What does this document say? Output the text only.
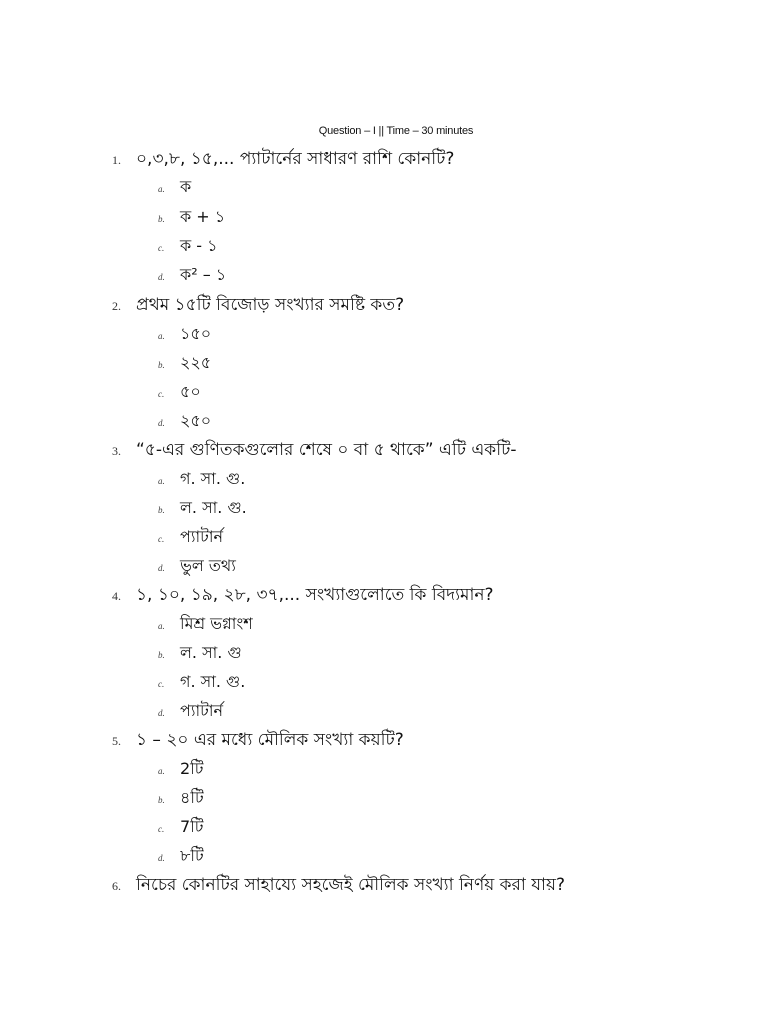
Question – I || Time – 30 minutes
1. ০,৩,৮, ১৫,... প্যাটার্নের সাধারণ রাশি কোনটি?
a. ক
b. ক + ১
c. ক - ১
d. ক² – ১
2. প্রথম ১৫টি বিজোড় সংখ্যার সমষ্টি কত?
a. ১৫০
b. ২২৫
c. ৫০
d. ২৫০
3. “৫-এর গুণিতকগুলোর শেষে ০ বা ৫ থাকে” এটি একটি-
a. গ. সা. গু.
b. ল. সা. গু.
c. প্যাটার্ন
d. ভুল তথ্য
4. ১, ১০, ১৯, ২৮, ৩৭,... সংখ্যাগুলোতে কি বিদ্যমান?
a. মিশ্র ভগ্নাংশ
b. ল. সা. গু
c. গ. সা. গু.
d. প্যাটার্ন
5. ১ – ২০ এর মধ্যে মৌলিক সংখ্যা কয়টি?
a. 2টি
b. ৪টি
c. 7টি
d. ৮টি
6. নিচের কোনটির সাহায্যে সহজেই মৌলিক সংখ্যা নির্ণয় করা যায়?
